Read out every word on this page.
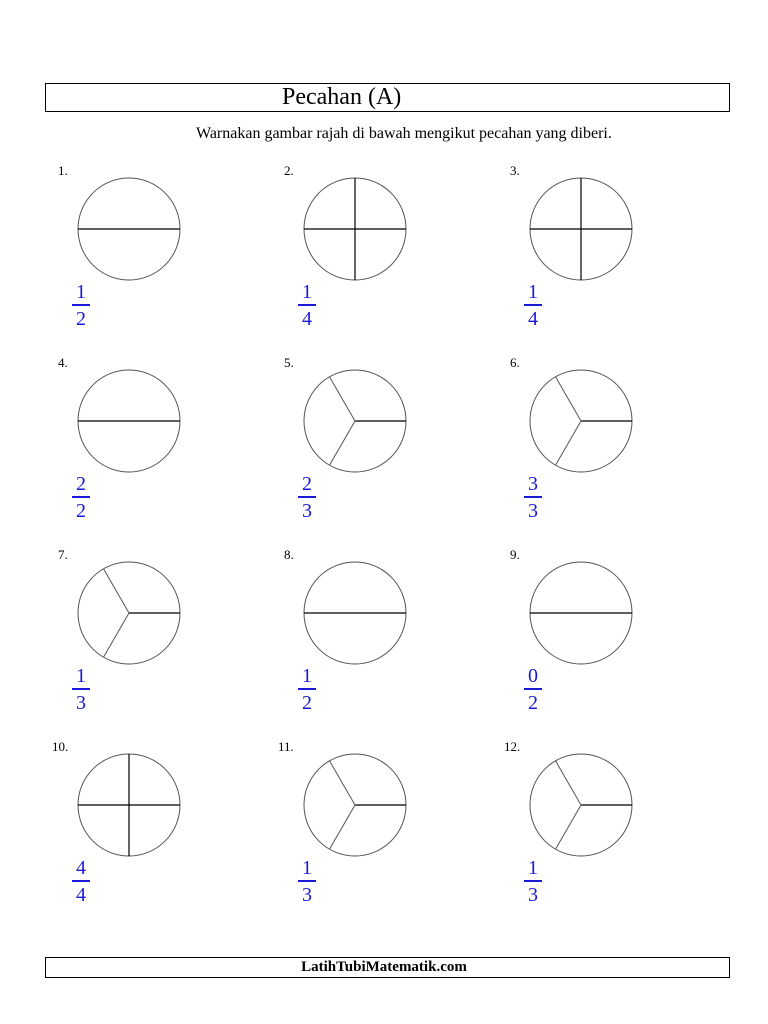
Pecahan (A)
Warnakan gambar rajah di bawah mengikut pecahan yang diberi.
1.
1
2
2.
1
4
3.
1
4
4.
2
2
5.
2
3
6.
3
3
7.
1
3
8.
1
2
9.
0
2
10.
4
4
11.
1
3
12.
1
3
LatihTubiMatematik.com
